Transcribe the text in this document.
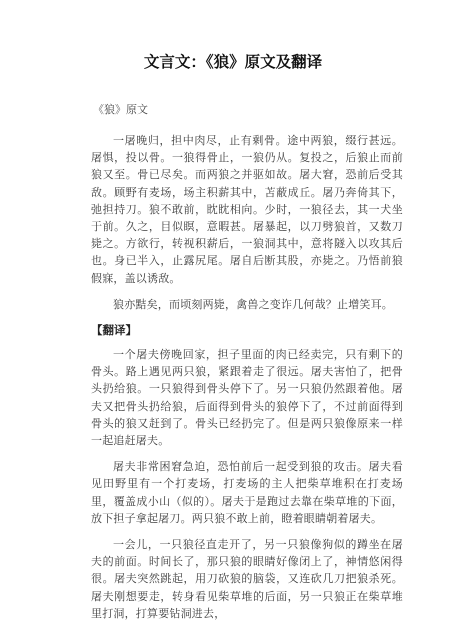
文言文：《狼》原文及翻译
《狼》原文

一屠晚归，担中肉尽，止有剩骨。途中两狼，缀行甚远。屠惧，投以骨。一狼得骨止，一狼仍从。复投之，后狼止而前狼又至。骨已尽矣。而两狼之并驱如故。屠大窘，恐前后受其敌。顾野有麦场，场主积薪其中，苫蔽成丘。屠乃奔倚其下，弛担持刀。狼不敢前，眈眈相向。少时，一狼径去，其一犬坐于前。久之，目似瞑，意暇甚。屠暴起，以刀劈狼首，又数刀毙之。方欲行，转视积薪后，一狼洞其中，意将隧入以攻其后也。身已半入，止露尻尾。屠自后断其股，亦毙之。乃悟前狼假寐，盖以诱敌。

狼亦黠矣，而顷刻两毙，禽兽之变诈几何哉？止增笑耳。

【翻译】

一个屠夫傍晚回家，担子里面的肉已经卖完，只有剩下的骨头。路上遇见两只狼，紧跟着走了很远。屠夫害怕了，把骨头扔给狼。一只狼得到骨头停下了。另一只狼仍然跟着他。屠夫又把骨头扔给狼，后面得到骨头的狼停下了，不过前面得到骨头的狼又赶到了。骨头已经扔完了。但是两只狼像原来一样一起追赶屠夫。

屠夫非常困窘急迫，恐怕前后一起受到狼的攻击。屠夫看见田野里有一个打麦场，打麦场的主人把柴草堆积在打麦场里，覆盖成小山（似的）。屠夫于是跑过去靠在柴草堆的下面，放下担子拿起屠刀。两只狼不敢上前，瞪着眼睛朝着屠夫。

一会儿，一只狼径直走开了，另一只狼像狗似的蹲坐在屠夫的前面。时间长了，那只狼的眼睛好像闭上了，神情悠闲得很。屠夫突然跳起，用刀砍狼的脑袋，又连砍几刀把狼杀死。屠夫刚想要走，转身看见柴草堆的后面，另一只狼正在柴草堆里打洞，打算要钻洞进去，
